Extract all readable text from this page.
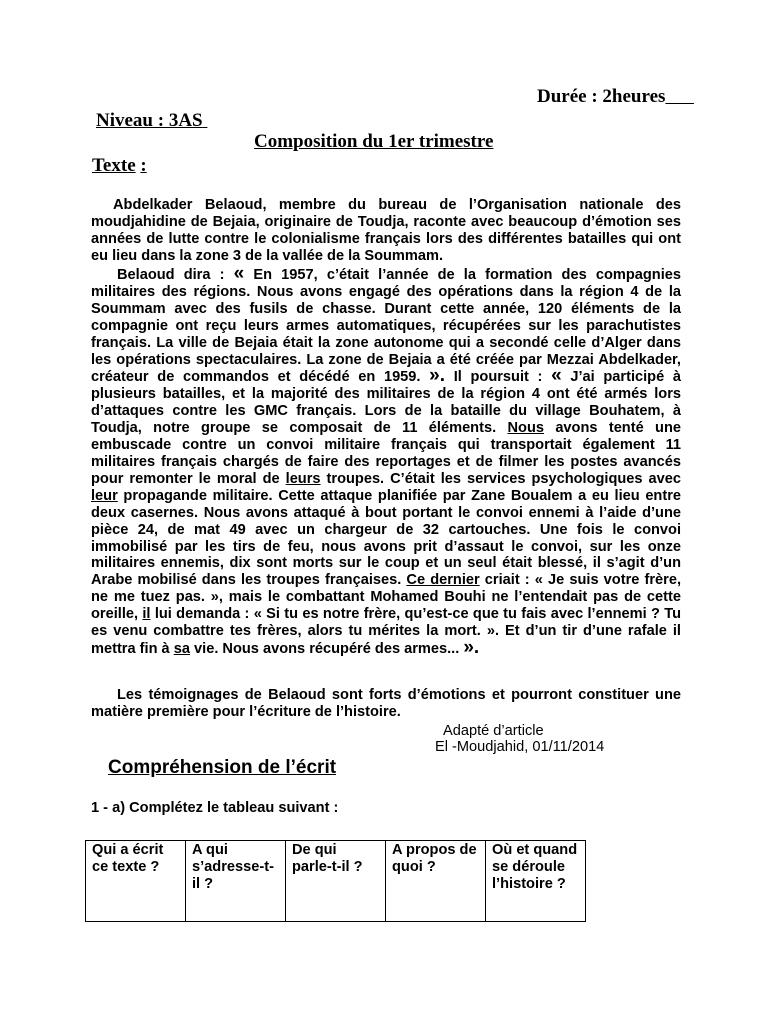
Durée : 2heures
Niveau : 3AS
Composition du 1er trimestre
Texte :

Abdelkader Belaoud, membre du bureau de l’Organisation nationale des moudjahidine de Bejaia, originaire de Toudja, raconte avec beaucoup d’émotion ses années de lutte contre le colonialisme français lors des différentes batailles qui ont eu lieu dans la zone 3 de la vallée de la Soummam.

Belaoud dira : « En 1957, c’était l’année de la formation des compagnies militaires des régions. Nous avons engagé des opérations dans la région 4 de la Soummam avec des fusils de chasse. Durant cette année, 120 éléments de la compagnie ont reçu leurs armes automatiques, récupérées sur les parachutistes français. La ville de Bejaia était la zone autonome qui a secondé celle d’Alger dans les opérations spectaculaires. La zone de Bejaia a été créée par Mezzai Abdelkader, créateur de commandos et décédé en 1959. ». Il poursuit : « J’ai participé à plusieurs batailles, et la majorité des militaires de la région 4 ont été armés lors d’attaques contre les GMC français. Lors de la bataille du village Bouhatem, à Toudja, notre groupe se composait de 11 éléments. Nous avons tenté une embuscade contre un convoi militaire français qui transportait également 11 militaires français chargés de faire des reportages et de filmer les postes avancés pour remonter le moral de leurs troupes. C’était les services psychologiques avec leur propagande militaire. Cette attaque planifiée par Zane Boualem a eu lieu entre deux casernes. Nous avons attaqué à bout portant le convoi ennemi à l’aide d’une pièce 24, de mat 49 avec un chargeur de 32 cartouches. Une fois le convoi immobilisé par les tirs de feu, nous avons prit d’assaut le convoi, sur les onze militaires ennemis, dix sont morts sur le coup et un seul était blessé, il s’agit d’un Arabe mobilisé dans les troupes françaises. Ce dernier criait : « Je suis votre frère, ne me tuez pas. », mais le combattant Mohamed Bouhi ne l’entendait pas de cette oreille, il lui demanda : « Si tu es notre frère, qu’est-ce que tu fais avec l’ennemi ? Tu es venu combattre tes frères, alors tu mérites la mort. ». Et d’un tir d’une rafale il mettra fin à sa vie. Nous avons récupéré des armes... ».

Les témoignages de Belaoud sont forts d’émotions et pourront constituer une matière première pour l’écriture de l’histoire.

Adapté d’article
El -Moudjahid, 01/11/2014
Compréhension de l’écrit
1 - a) Complétez le tableau suivant :
Qui a écrit ce texte ?	A qui s’adresse-t-il ?	De qui parle-t-il ?	A propos de quoi ?	Où et quand se déroule l’histoire ?
